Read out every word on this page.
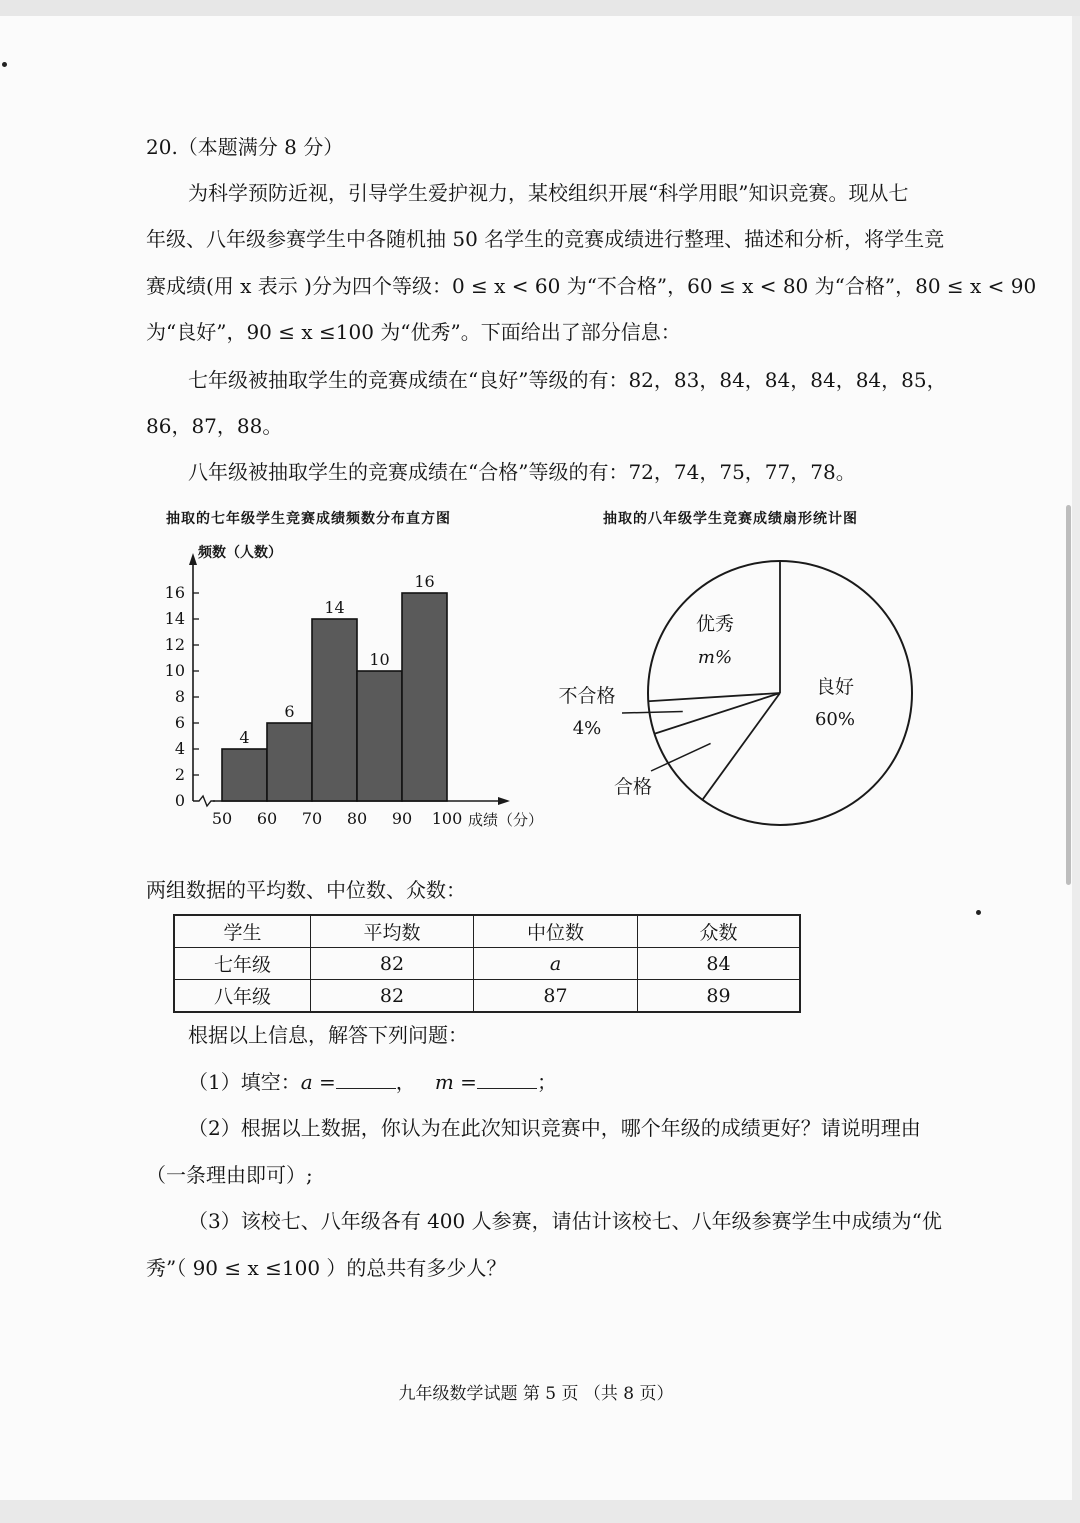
20.（本题满分 8 分）
为科学预防近视，引导学生爱护视力，某校组织开展“科学用眼”知识竞赛。现从七
年级、八年级参赛学生中各随机抽 50 名学生的竞赛成绩进行整理、描述和分析，将学生竞
赛成绩(用 x 表示 )分为四个等级：0 ≤ x < 60 为“不合格”，60 ≤ x < 80 为“合格”，80 ≤ x < 90
为“良好”，90 ≤ x ≤100 为“优秀”。下面给出了部分信息：
七年级被抽取学生的竞赛成绩在“良好”等级的有：82，83，84，84，84，84，85，
86，87，88。
八年级被抽取学生的竞赛成绩在“合格”等级的有：72，74，75，77，78。
抽取的七年级学生竞赛成绩频数分布直方图	抽取的八年级学生竞赛成绩扇形统计图
频数（人数）
成绩（分）
0
2
4
6
8
10
12
14
16
4
6
14
10
16
50 60 70 80 90 100
良好
60%
优秀
m%
不合格
4%
合格
两组数据的平均数、中位数、众数：
学生	平均数	中位数	众数
七年级	82	a	84
八年级	82	87	89
根据以上信息，解答下列问题：
（1）填空：a =	， m =	；
（2）根据以上数据，你认为在此次知识竞赛中，哪个年级的成绩更好？请说明理由
（一条理由即可）;
（3）该校七、八年级各有 400 人参赛，请估计该校七、八年级参赛学生中成绩为“优
秀”（ 90 ≤ x ≤100 ）的总共有多少人？
九年级数学试题 第 5 页 （共 8 页）
